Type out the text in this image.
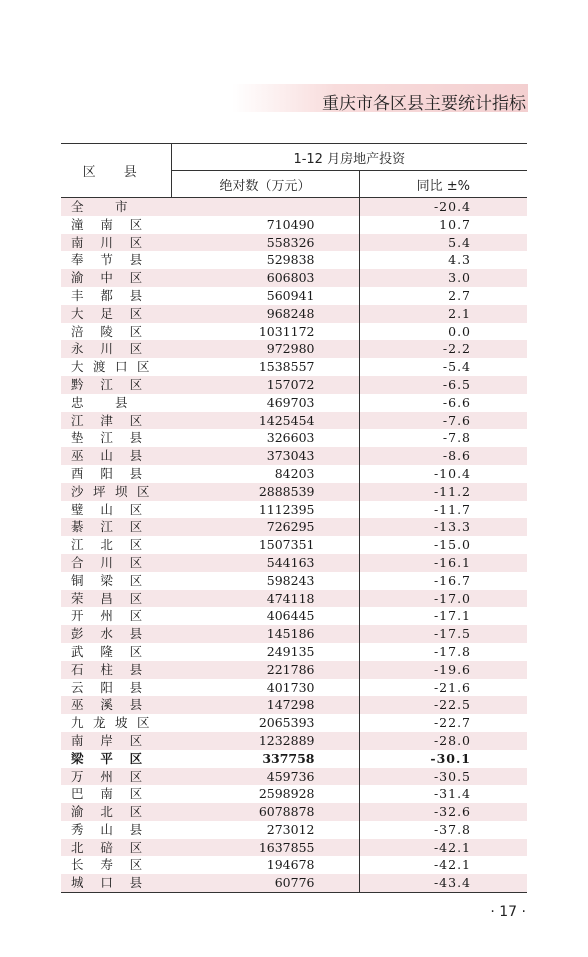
重庆市各区县主要统计指标
区 县	1-12 月房地产投资	
	绝对数（万元）	同比 ±%

全 市		-20.4

潼 南 区	710490	10.7

南 川 区	558326	5.4

奉 节 县	529838	4.3

渝 中 区	606803	3.0

丰 都 县	560941	2.7

大 足 区	968248	2.1

涪 陵 区	1031172	0.0

永 川 区	972980	-2.2

大 渡 口 区	1538557	-5.4

黔 江 区	157072	-6.5

忠 县	469703	-6.6

江 津 区	1425454	-7.6

垫 江 县	326603	-7.8

巫 山 县	373043	-8.6

酉 阳 县	84203	-10.4

沙 坪 坝 区	2888539	-11.2

璧 山 区	1112395	-11.7

綦 江 区	726295	-13.3

江 北 区	1507351	-15.0

合 川 区	544163	-16.1

铜 梁 区	598243	-16.7

荣 昌 区	474118	-17.0

开 州 区	406445	-17.1

彭 水 县	145186	-17.5

武 隆 区	249135	-17.8

石 柱 县	221786	-19.6

云 阳 县	401730	-21.6

巫 溪 县	147298	-22.5

九 龙 坡 区	2065393	-22.7

南 岸 区	1232889	-28.0

梁 平 区	337758	-30.1

万 州 区	459736	-30.5

巴 南 区	2598928	-31.4

渝 北 区	6078878	-32.6

秀 山 县	273012	-37.8

北 碚 区	1637855	-42.1

长 寿 区	194678	-42.1

城 口 县	60776	-43.4
· 17 ·
